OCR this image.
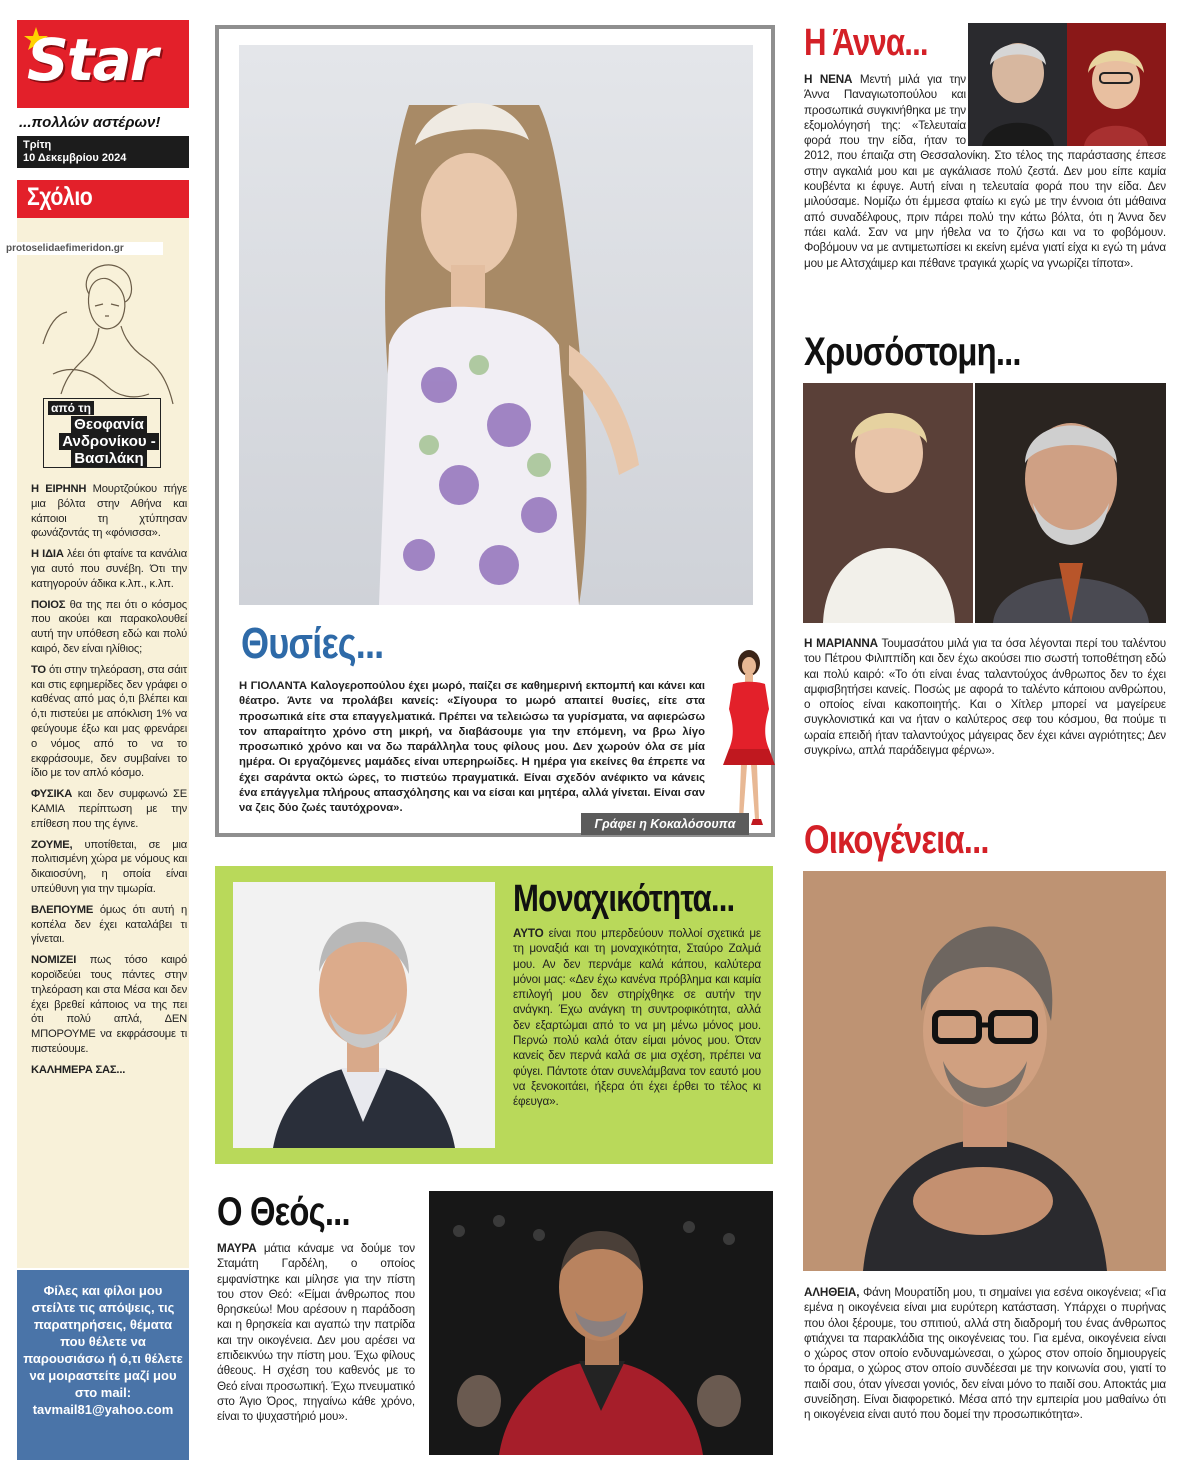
Star
...πολλών αστέρων!
Τρίτη
10 Δεκεμβρίου 2024
Σχόλιο
protoselidaefimeridon.gr
από τη
Θεοφανία Ανδρονίκου - Βασιλάκη

Η ΕΙΡΗΝΗ Μουρτζούκου πήγε μια βόλτα στην Αθήνα και κάποιοι τη χτύπησαν φωνάζοντάς τη «φόνισσα».

Η ΙΔΙΑ λέει ότι φταίνε τα κανάλια για αυτό που συνέβη. Ότι την κατηγορούν άδικα κ.λπ., κ.λπ.

ΠΟΙΟΣ θα της πει ότι ο κόσμος που ακούει και παρακολουθεί αυτή την υπόθεση εδώ και πολύ καιρό, δεν είναι ηλίθιος;

ΤΟ ότι στην τηλεόραση, στα σάιτ και στις εφημερίδες δεν γράφει ο καθένας από μας ό,τι βλέπει και ό,τι πιστεύει με απόκλιση 1% να φεύγουμε έξω και μας φρενάρει ο νόμος από το να το εκφράσουμε, δεν συμβαίνει το ίδιο με τον απλό κόσμο.

ΦΥΣΙΚΑ και δεν συμφωνώ ΣΕ ΚΑΜΙΑ περίπτωση με την επίθεση που της έγινε.

ΖΟΥΜΕ, υποτίθεται, σε μια πολιτισμένη χώρα με νόμους και δικαιοσύνη, η οποία είναι υπεύθυνη για την τιμωρία.

ΒΛΕΠΟΥΜΕ όμως ότι αυτή η κοπέλα δεν έχει καταλάβει τι γίνεται.

ΝΟΜΙΖΕΙ πως τόσο καιρό κοροϊδεύει τους πάντες στην τηλεόραση και στα Μέσα και δεν έχει βρεθεί κάποιος να της πει ότι πολύ απλά, ΔΕΝ ΜΠΟΡΟΥΜΕ να εκφράσουμε τι πιστεύουμε.

ΚΑΛΗΜΕΡΑ ΣΑΣ...

Φίλες και φίλοι μου στείλτε τις απόψεις, τις παρατηρήσεις, θέματα που θέλετε να παρουσιάσω ή ό,τι θέλετε να μοιραστείτε μαζί μου στο mail: tavmail81@yahoo.com
Θυσίες...
Η ΓΙΟΛΑΝΤΑ Καλογεροπούλου έχει μωρό, παίζει σε καθημερινή εκπομπή και κάνει και θέατρο. Άντε να προλάβει κανείς: «Σίγουρα το μωρό απαιτεί θυσίες, είτε στα προσωπικά είτε στα επαγγελματικά. Πρέπει να τελειώσω τα γυρίσματα, να αφιερώσω τον απαραίτητο χρόνο στη μικρή, να διαβάσουμε για την επόμενη, να βρω λίγο προσωπικό χρόνο και να δω παράλληλα τους φίλους μου. Δεν χωρούν όλα σε μία ημέρα. Οι εργαζόμενες μαμάδες είναι υπερηρωίδες. Η ημέρα για εκείνες θα έπρεπε να έχει σαράντα οκτώ ώρες, το πιστεύω πραγματικά. Είναι σχεδόν ανέφικτο να κάνεις ένα επάγγελμα πλήρους απασχόλησης και να είσαι και μητέρα, αλλά γίνεται. Είναι σαν να ζεις δύο ζωές ταυτόχρονα».
Γράφει η Κοκαλόσουπα
Μοναχικότητα...
ΑΥΤΟ είναι που μπερδεύουν πολλοί σχετικά με τη μοναξιά και τη μοναχικότητα, Σταύρο Ζαλμά μου. Αν δεν περνάμε καλά κάπου, καλύτερα μόνοι μας: «Δεν έχω κανένα πρόβλημα και καμία επιλογή μου δεν στηρίχθηκε σε αυτήν την ανάγκη. Έχω ανάγκη τη συντροφικότητα, αλλά δεν εξαρτώμαι από το να μη μένω μόνος μου. Περνώ πολύ καλά όταν είμαι μόνος μου. Όταν κανείς δεν περνά καλά σε μια σχέση, πρέπει να φύγει. Πάντοτε όταν συνελάμβανα τον εαυτό μου να ξενοκοιτάει, ήξερα ότι έχει έρθει το τέλος κι έφευγα».
Ο Θεός...
ΜΑΥΡΑ μάτια κάναμε να δούμε τον Σταμάτη Γαρδέλη, ο οποίος εμφανίστηκε και μίλησε για την πίστη του στον Θεό: «Είμαι άνθρωπος που θρησκεύω! Μου αρέσουν η παράδοση και η θρησκεία και αγαπώ την πατρίδα και την οικογένεια. Δεν μου αρέσει να επιδεικνύω την πίστη μου. Έχω φίλους άθεους. Η σχέση του καθενός με το Θεό είναι προσωπική. Έχω πνευματικό στο Άγιο Όρος, πηγαίνω κάθε χρόνο, είναι το ψυχαστήριό μου».
Η Άννα...
Η ΝΕΝΑ Μεντή μιλά για την Άννα Παναγιωτοπούλου και προσωπικά συγκινήθηκα με την εξομολόγησή της: «Τελευταία φορά που την είδα, ήταν το 2012, που έπαιζα στη Θεσσαλονίκη. Στο τέλος της παράστασης έπεσε στην αγκαλιά μου και με αγκάλιασε πολύ ζεστά. Δεν μου είπε καμία κουβέντα κι έφυγε. Αυτή είναι η τελευταία φορά που την είδα. Δεν μιλούσαμε. Νομίζω ότι έμμεσα φταίω κι εγώ με την έννοια ότι μάθαινα από συναδέλφους, πριν πάρει πολύ την κάτω βόλτα, ότι η Άννα δεν πάει καλά. Σαν να μην ήθελα να το ζήσω και να το φοβόμουν. Φοβόμουν να με αντιμετωπίσει κι εκείνη εμένα γιατί είχα κι εγώ τη μάνα μου με Αλτσχάιμερ και πέθανε τραγικά χωρίς να γνωρίζει τίποτα».
Χρυσόστομη...
Η ΜΑΡΙΑΝΝΑ Τουμασάτου μιλά για τα όσα λέγονται περί του ταλέντου του Πέτρου Φιλιππίδη και δεν έχω ακούσει πιο σωστή τοποθέτηση εδώ και πολύ καιρό: «Το ότι είναι ένας ταλαντούχος άνθρωπος δεν το έχει αμφισβητήσει κανείς. Ποσώς με αφορά το ταλέντο κάποιου ανθρώπου, ο οποίος είναι κακοποιητής. Και ο Χίτλερ μπορεί να μαγείρευε συγκλονιστικά και να ήταν ο καλύτερος σεφ του κόσμου, θα πούμε τι ωραία επειδή ήταν ταλαντούχος μάγειρας δεν έχει κάνει αγριότητες; Δεν συγκρίνω, απλά παράδειγμα φέρνω».
Οικογένεια...
ΑΛΗΘΕΙΑ, Φάνη Μουρατίδη μου, τι σημαίνει για εσένα οικογένεια; «Για εμένα η οικογένεια είναι μια ευρύτερη κατάσταση. Υπάρχει ο πυρήνας που όλοι ξέρουμε, του σπιτιού, αλλά στη διαδρομή του ένας άνθρωπος φτιάχνει τα παρακλάδια της οικογένειας του. Για εμένα, οικογένεια είναι ο χώρος στον οποίο ενδυναμώνεσαι, ο χώρος στον οποίο δημιουργείς το όραμα, ο χώρος στον οποίο συνδέεσαι με την κοινωνία σου, γιατί το παιδί σου, όταν γίνεσαι γονιός, δεν είναι μόνο το παιδί σου. Αποκτάς μια συνείδηση. Είναι διαφορετικό. Μέσα από την εμπειρία μου μαθαίνω ότι η οικογένεια είναι αυτό που δομεί την προσωπικότητα».
